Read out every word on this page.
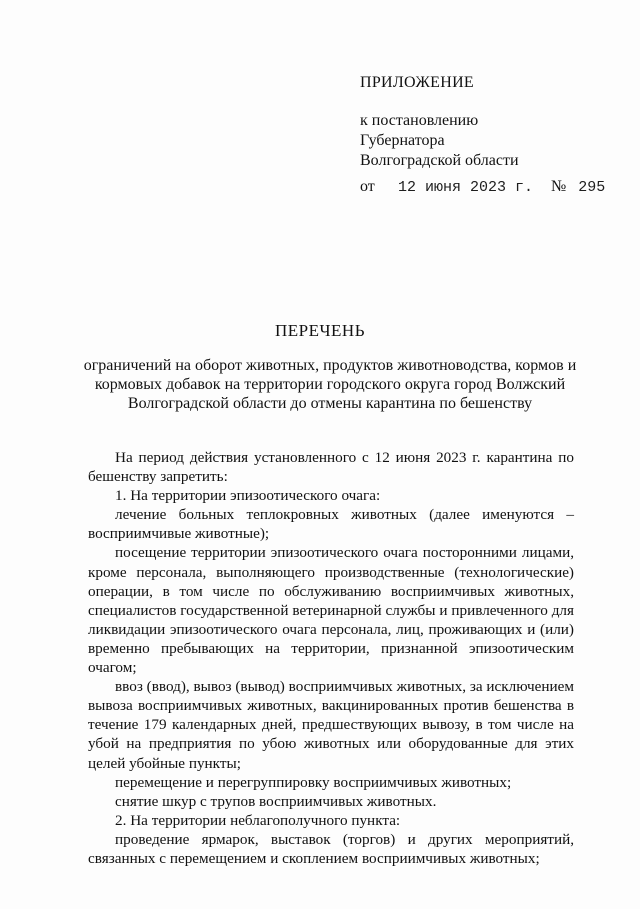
ПРИЛОЖЕНИЕ
к постановлению
Губернатора
Волгоградской области
от 12 июня 2023 г. № 295
ПЕРЕЧЕНЬ
ограничений на оборот животных, продуктов животноводства, кормов и кормовых добавок на территории городского округа город Волжский Волгоградской области до отмены карантина по бешенству

На период действия установленного с 12 июня 2023 г. карантина по бешенству запретить:

1. На территории эпизоотического очага:

лечение больных теплокровных животных (далее именуются – восприимчивые животные);

посещение территории эпизоотического очага посторонними лицами, кроме персонала, выполняющего производственные (технологические) операции, в том числе по обслуживанию восприимчивых животных, специалистов государственной ветеринарной службы и привлеченного для ликвидации эпизоотического очага персонала, лиц, проживающих и (или) временно пребывающих на территории, признанной эпизоотическим очагом;

ввоз (ввод), вывоз (вывод) восприимчивых животных, за исключением вывоза восприимчивых животных, вакцинированных против бешенства в течение 179 календарных дней, предшествующих вывозу, в том числе на убой на предприятия по убою животных или оборудованные для этих целей убойные пункты;

перемещение и перегруппировку восприимчивых животных;

снятие шкур с трупов восприимчивых животных.

2. На территории неблагополучного пункта:

проведение ярмарок, выставок (торгов) и других мероприятий, связанных с перемещением и скоплением восприимчивых животных;
